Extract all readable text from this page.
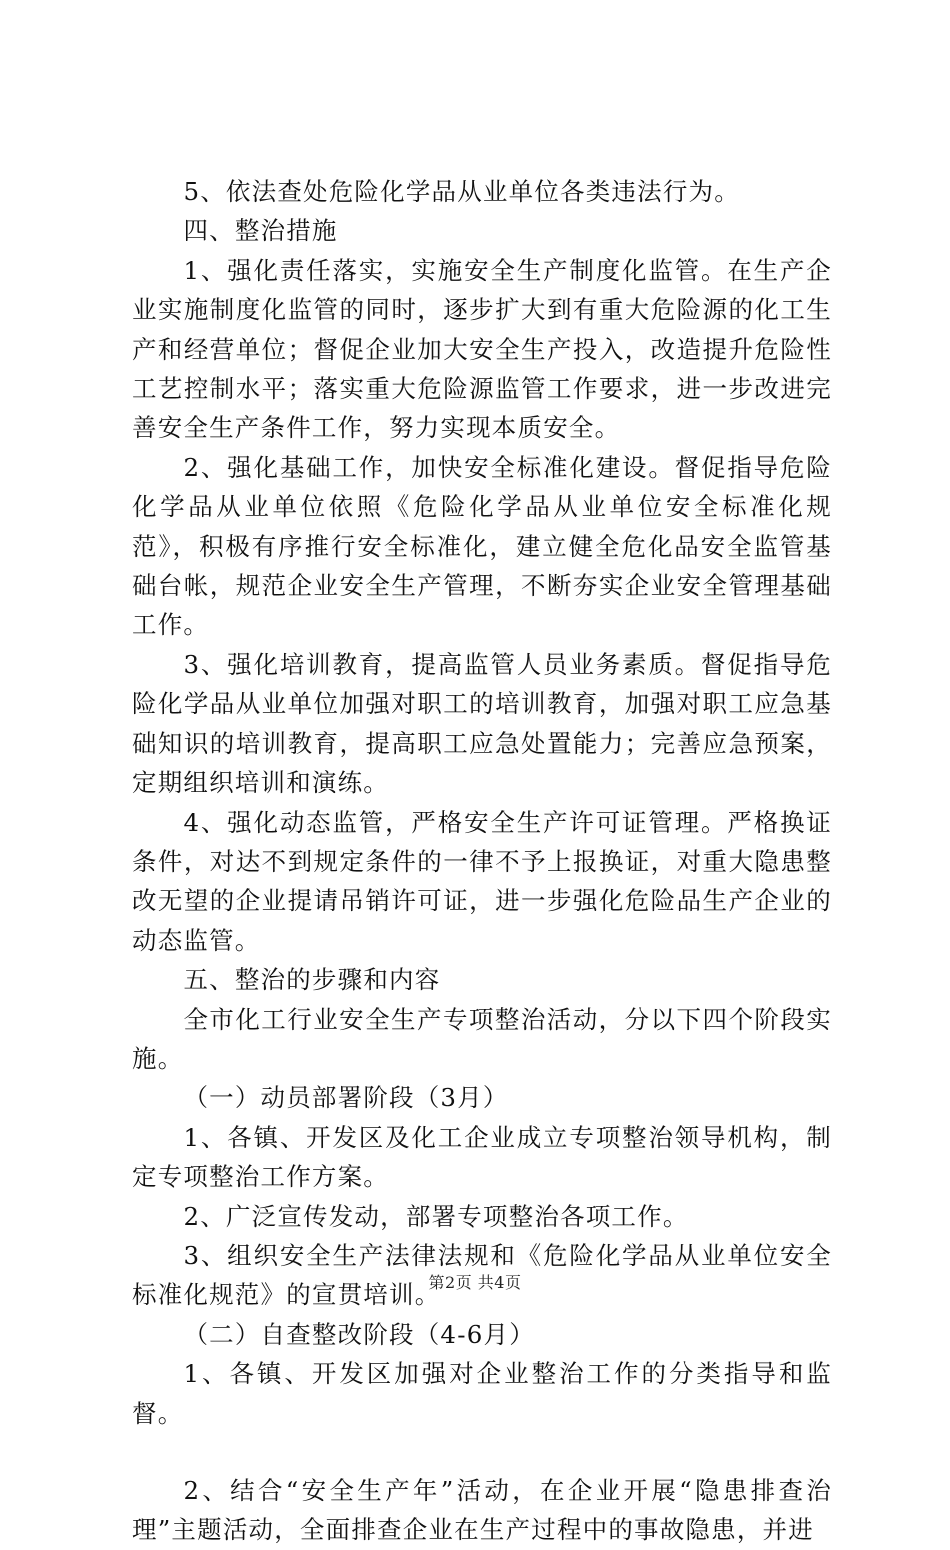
5、依法查处危险化学品从业单位各类违法行为。

四、整治措施

1、强化责任落实，实施安全生产制度化监管。在生产企业实施制度化监管的同时，逐步扩大到有重大危险源的化工生产和经营单位；督促企业加大安全生产投入，改造提升危险性工艺控制水平；落实重大危险源监管工作要求，进一步改进完善安全生产条件工作，努力实现本质安全。

2、强化基础工作，加快安全标准化建设。督促指导危险化学品从业单位依照《危险化学品从业单位安全标准化规范》，积极有序推行安全标准化，建立健全危化品安全监管基础台帐，规范企业安全生产管理，不断夯实企业安全管理基础工作。

3、强化培训教育，提高监管人员业务素质。督促指导危险化学品从业单位加强对职工的培训教育，加强对职工应急基础知识的培训教育，提高职工应急处置能力；完善应急预案，定期组织培训和演练。

4、强化动态监管，严格安全生产许可证管理。严格换证条件，对达不到规定条件的一律不予上报换证，对重大隐患整改无望的企业提请吊销许可证，进一步强化危险品生产企业的动态监管。

五、整治的步骤和内容

全市化工行业安全生产专项整治活动，分以下四个阶段实施。

（一）动员部署阶段（3月）

1、各镇、开发区及化工企业成立专项整治领导机构，制定专项整治工作方案。

2、广泛宣传发动，部署专项整治各项工作。

3、组织安全生产法律法规和《危险化学品从业单位安全标准化规范》的宣贯培训。

（二）自查整改阶段（4-6月）

1、各镇、开发区加强对企业整治工作的分类指导和监督。

2、结合“安全生产年”活动，在企业开展“隐患排查治理”主题活动，全面排查企业在生产过程中的事故隐患，并进

第2页 共4页
